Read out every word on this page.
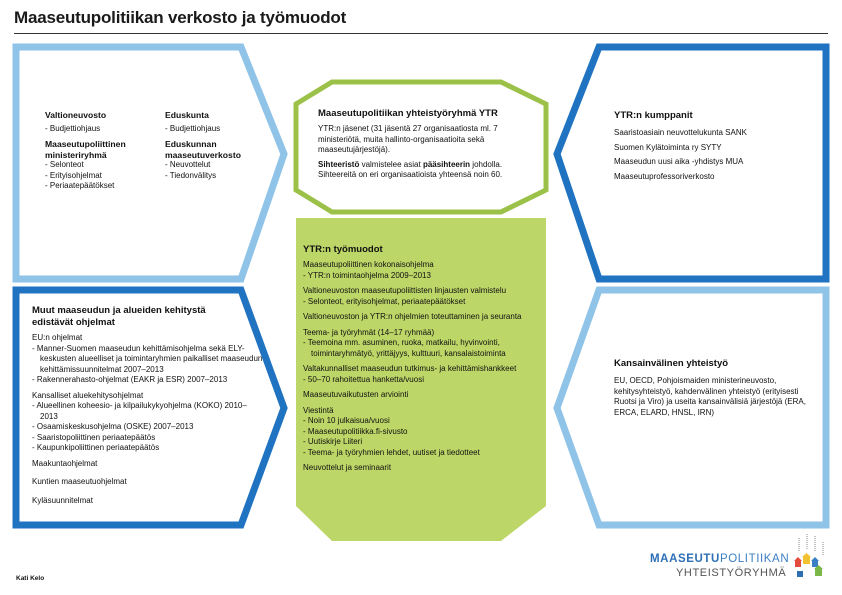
Maaseutupolitiikan verkosto ja työmuodot
Valtioneuvosto
- Budjettiohjaus
Maaseutupoliittinen ministeriryhmä
- Selonteot
- Erityisohjelmat
- Periaatepäätökset
Eduskunta
- Budjettiohjaus
Eduskunnan maaseutuverkosto
- Neuvottelut
- Tiedonvälitys
Maaseutupolitiikan yhteistyöryhmä YTR

YTR:n jäsenet (31 jäsentä 27 organisaatiosta ml. 7 ministeriötä, muita hallinto-organisaatioita sekä maaseutujärjestöjä).

Sihteeristö valmistelee asiat pääsihteerin johdolla. Sihteereitä on eri organisaatioista yhteensä noin 60.

YTR:n kumppanit

Saaristoasiain neuvottelukunta SANK

Suomen Kylätoiminta ry SYTY

Maaseudun uusi aika -yhdistys MUA

Maaseutuprofessoriverkosto

Muut maaseudun ja alueiden kehitystä edistävät ohjelmat
EU:n ohjelmat
- Manner-Suomen maaseudun kehittämisohjelma sekä ELY-keskusten alueelliset ja toimintaryhmien paikalliset maaseudun kehittämissuunnitelmat 2007–2013
- Rakennerahasto-ohjelmat (EAKR ja ESR) 2007–2013
Kansalliset aluekehitysohjelmat
- Alueellinen koheesio- ja kilpailukykyohjelma (KOKO) 2010–2013
- Osaamiskeskusohjelma (OSKE) 2007–2013
- Saaristopoliittinen periaatepäätös
- Kaupunkipoliittinen periaatepäätös

Maakuntaohjelmat

Kuntien maaseutuohjelmat

Kyläsuunnitelmat

YTR:n työmuodot
Maaseutupoliittinen kokonaisohjelma
- YTR:n toimintaohjelma 2009–2013
Valtioneuvoston maaseutupoliittisten linjausten valmistelu
- Selonteot, erityisohjelmat, periaatepäätökset
Valtioneuvoston ja YTR:n ohjelmien toteuttaminen ja seuranta
Teema- ja työryhmät (14–17 ryhmää)
- Teemoina mm. asuminen, ruoka, matkailu, hyvinvointi, toimintaryhmätyö, yrittäjyys, kulttuuri, kansalaistoiminta
Valtakunnalliset maaseudun tutkimus- ja kehittämishankkeet
- 50–70 rahoitettua hanketta/vuosi
Maaseutuvaikutusten arviointi
Viestintä
- Noin 10 julkaisua/vuosi
- Maaseutupolitiikka.fi-sivusto
- Uutiskirje Liiteri
- Teema- ja työryhmien lehdet, uutiset ja tiedotteet
Neuvottelut ja seminaarit
Kansainvälinen yhteistyö

EU, OECD, Pohjoismaiden ministerineuvosto, kehitysyhteistyö, kahdenvälinen yhteistyö (erityisesti Ruotsi ja Viro) ja useita kansainvälisiä järjestöjä (ERA, ERCA, ELARD, HNSL, IRN)

Kati Kelo
MAASEUTUPOLITIIKAN
YHTEISTYÖRYHMÄ
